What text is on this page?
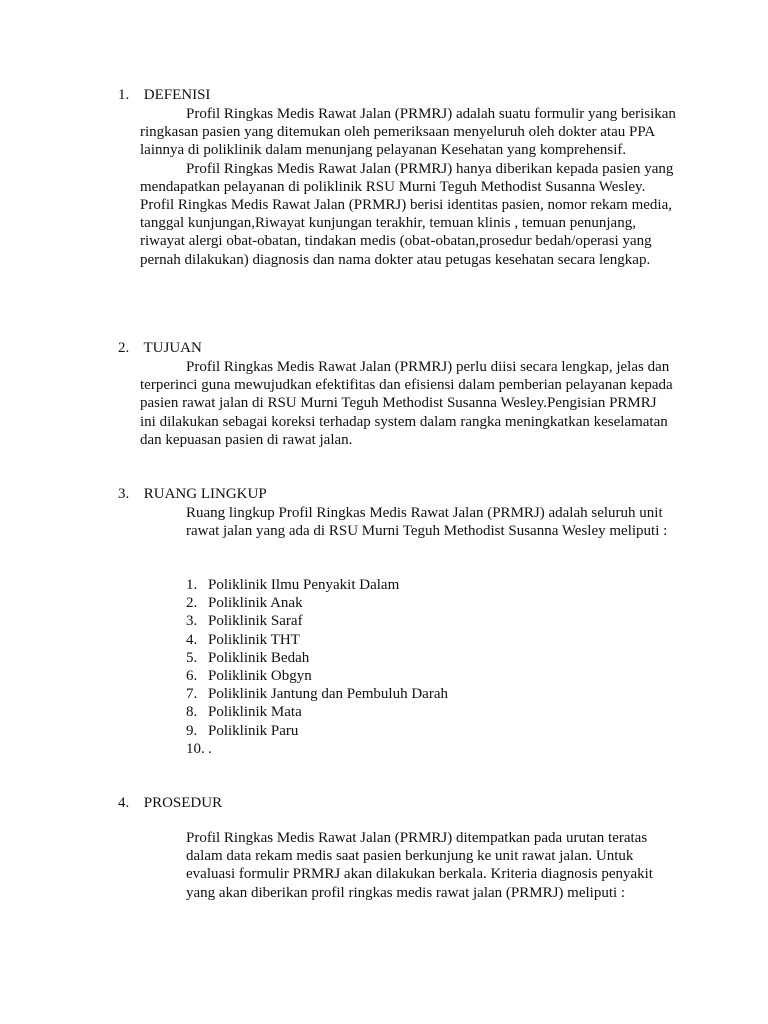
1. DEFENISI

Profil Ringkas Medis Rawat Jalan (PRMRJ) adalah suatu formulir yang berisikan ringkasan pasien yang ditemukan oleh pemeriksaan menyeluruh oleh dokter atau PPA lainnya di poliklinik dalam menunjang pelayanan Kesehatan yang komprehensif.

Profil Ringkas Medis Rawat Jalan (PRMRJ) hanya diberikan kepada pasien yang mendapatkan pelayanan di poliklinik RSU Murni Teguh Methodist Susanna Wesley. Profil Ringkas Medis Rawat Jalan (PRMRJ) berisi identitas pasien, nomor rekam media, tanggal kunjungan,Riwayat kunjungan terakhir, temuan klinis , temuan penunjang, riwayat alergi obat-obatan, tindakan medis (obat-obatan,prosedur bedah/operasi yang pernah dilakukan) diagnosis dan nama dokter atau petugas kesehatan secara lengkap.

2. TUJUAN

Profil Ringkas Medis Rawat Jalan (PRMRJ) perlu diisi secara lengkap, jelas dan terperinci guna mewujudkan efektifitas dan efisiensi dalam pemberian pelayanan kepada pasien rawat jalan di RSU Murni Teguh Methodist Susanna Wesley.Pengisian PRMRJ ini dilakukan sebagai koreksi terhadap system dalam rangka meningkatkan keselamatan dan kepuasan pasien di rawat jalan.

3. RUANG LINGKUP

Ruang lingkup Profil Ringkas Medis Rawat Jalan (PRMRJ) adalah seluruh unit rawat jalan yang ada di RSU Murni Teguh Methodist Susanna Wesley meliputi :

1. Poliklinik Ilmu Penyakit Dalam
2. Poliklinik Anak
3. Poliklinik Saraf
4. Poliklinik THT
5. Poliklinik Bedah
6. Poliklinik Obgyn
7. Poliklinik Jantung dan Pembuluh Darah
8. Poliklinik Mata
9. Poliklinik Paru
10. .
4. PROSEDUR

Profil Ringkas Medis Rawat Jalan (PRMRJ) ditempatkan pada urutan teratas dalam data rekam medis saat pasien berkunjung ke unit rawat jalan. Untuk evaluasi formulir PRMRJ akan dilakukan berkala. Kriteria diagnosis penyakit yang akan diberikan profil ringkas medis rawat jalan (PRMRJ) meliputi :
